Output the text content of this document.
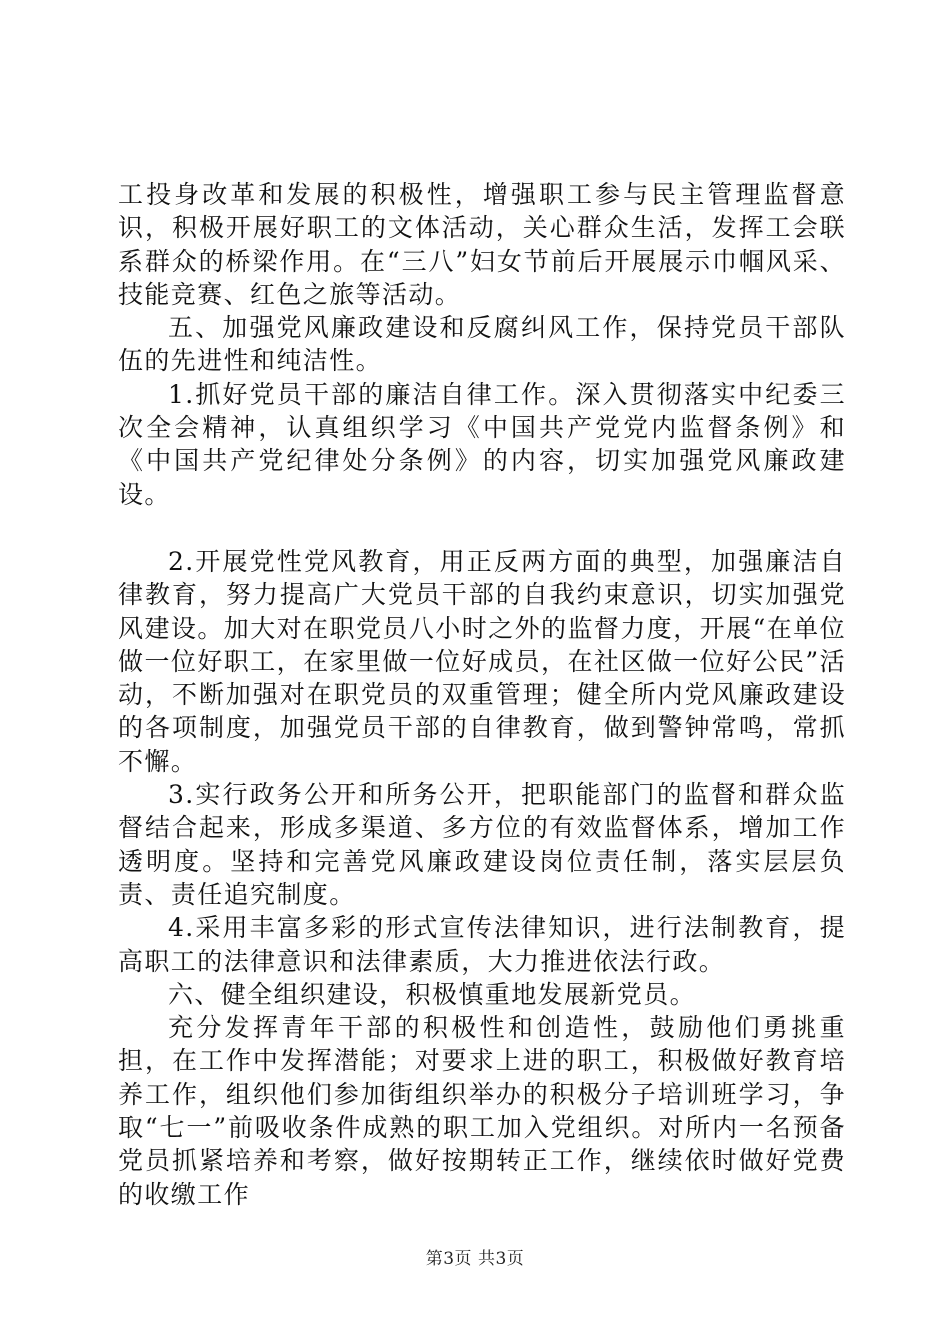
工投身改革和发展的积极性，增强职工参与民主管理监督意识，积极开展好职工的文体活动，关心群众生活，发挥工会联系群众的桥梁作用。在“三八”妇女节前后开展展示巾帼风采、技能竞赛、红色之旅等活动。

五、加强党风廉政建设和反腐纠风工作，保持党员干部队伍的先进性和纯洁性。

1.抓好党员干部的廉洁自律工作。深入贯彻落实中纪委三次全会精神，认真组织学习《中国共产党党内监督条例》和《中国共产党纪律处分条例》的内容，切实加强党风廉政建设。

2.开展党性党风教育，用正反两方面的典型，加强廉洁自律教育，努力提高广大党员干部的自我约束意识，切实加强党风建设。加大对在职党员八小时之外的监督力度，开展“在单位做一位好职工，在家里做一位好成员，在社区做一位好公民”活动，不断加强对在职党员的双重管理；健全所内党风廉政建设的各项制度，加强党员干部的自律教育，做到警钟常鸣，常抓不懈。

3.实行政务公开和所务公开，把职能部门的监督和群众监督结合起来，形成多渠道、多方位的有效监督体系，增加工作透明度。坚持和完善党风廉政建设岗位责任制，落实层层负责、责任追究制度。

4.采用丰富多彩的形式宣传法律知识，进行法制教育，提高职工的法律意识和法律素质，大力推进依法行政。

六、健全组织建设，积极慎重地发展新党员。

充分发挥青年干部的积极性和创造性，鼓励他们勇挑重担，在工作中发挥潜能；对要求上进的职工，积极做好教育培养工作，组织他们参加街组织举办的积极分子培训班学习，争取“七一”前吸收条件成熟的职工加入党组织。对所内一名预备党员抓紧培养和考察，做好按期转正工作，继续依时做好党费的收缴工作

第3页 共3页
